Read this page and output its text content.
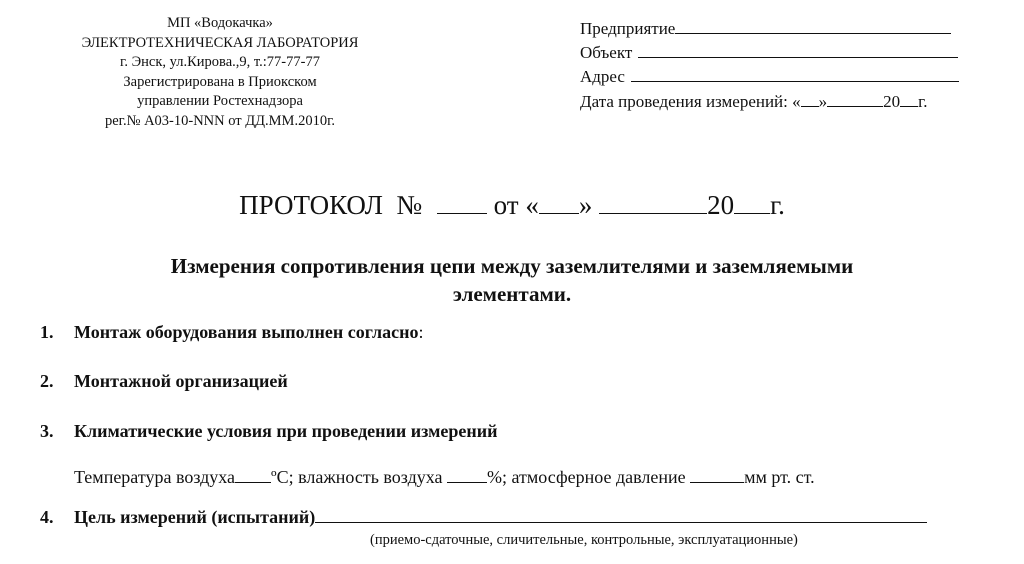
МП «Водокачка»
ЭЛЕКТРОТЕХНИЧЕСКАЯ ЛАБОРАТОРИЯ
г. Энск, ул.Кирова.,9, т.:77-77-77
Зарегистрирована в Приокском
управлении Ростехнадзора
рег.№ А03-10-NNN от ДД.ММ.2010г.
Предприятие
Объект
Адрес
Дата проведения измерений: « »	20 г.
ПРОТОКОЛ №	от « »	20 г.
Измерения сопротивления цепи между заземлителями и заземляемыми
элементами.
1. Монтаж оборудования выполнен согласно:
2. Монтажной организацией
3. Климатические условия при проведении измерений
Температура воздуха ºС; влажность воздуха %; атмосферное давление	мм рт. ст.
4. Цель измерений (испытаний)
(приемо-сдаточные, сличительные, контрольные, эксплуатационные)
